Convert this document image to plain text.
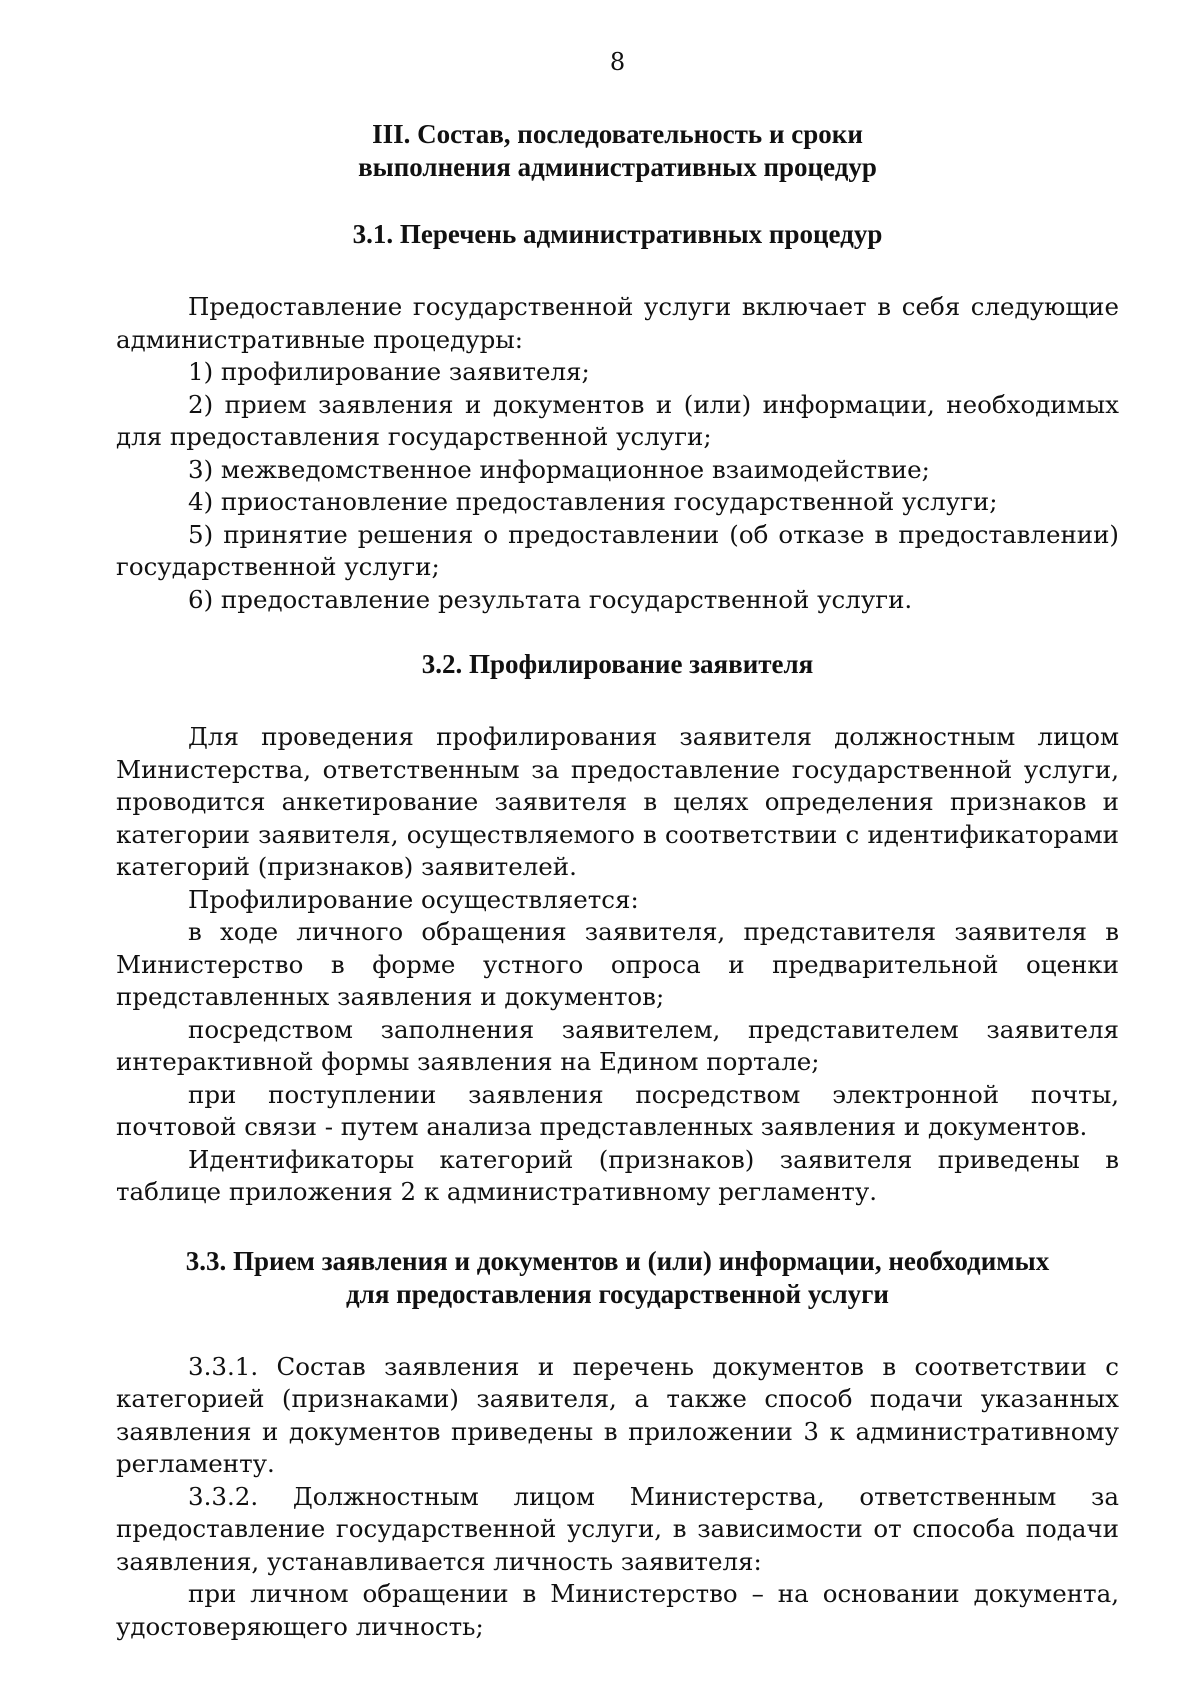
8
III. Состав, последовательность и сроки
выполнения административных процедур
3.1. Перечень административных процедур

Предоставление государственной услуги включает в себя следующие административные процедуры:

1) профилирование заявителя;

2) прием заявления и документов и (или) информации, необходимых для предоставления государственной услуги;

3) межведомственное информационное взаимодействие;

4) приостановление предоставления государственной услуги;

5) принятие решения о предоставлении (об отказе в предоставлении) государственной услуги;

6) предоставление результата государственной услуги.

3.2. Профилирование заявителя

Для проведения профилирования заявителя должностным лицом Министерства, ответственным за предоставление государственной услуги, проводится анкетирование заявителя в целях определения признаков и категории заявителя, осуществляемого в соответствии с идентификаторами категорий (признаков) заявителей.

Профилирование осуществляется:

в ходе личного обращения заявителя, представителя заявителя в Министерство в форме устного опроса и предварительной оценки представленных заявления и документов;

посредством заполнения заявителем, представителем заявителя интерактивной формы заявления на Едином портале;

при поступлении заявления посредством электронной почты, почтовой связи - путем анализа представленных заявления и документов.

Идентификаторы категорий (признаков) заявителя приведены в таблице приложения 2 к административному регламенту.

3.3. Прием заявления и документов и (или) информации, необходимых
для предоставления государственной услуги

3.3.1. Состав заявления и перечень документов в соответствии с категорией (признаками) заявителя, а также способ подачи указанных заявления и документов приведены в приложении 3 к административному регламенту.

3.3.2. Должностным лицом Министерства, ответственным за предоставление государственной услуги, в зависимости от способа подачи заявления, устанавливается личность заявителя:

при личном обращении в Министерство – на основании документа, удостоверяющего личность;
